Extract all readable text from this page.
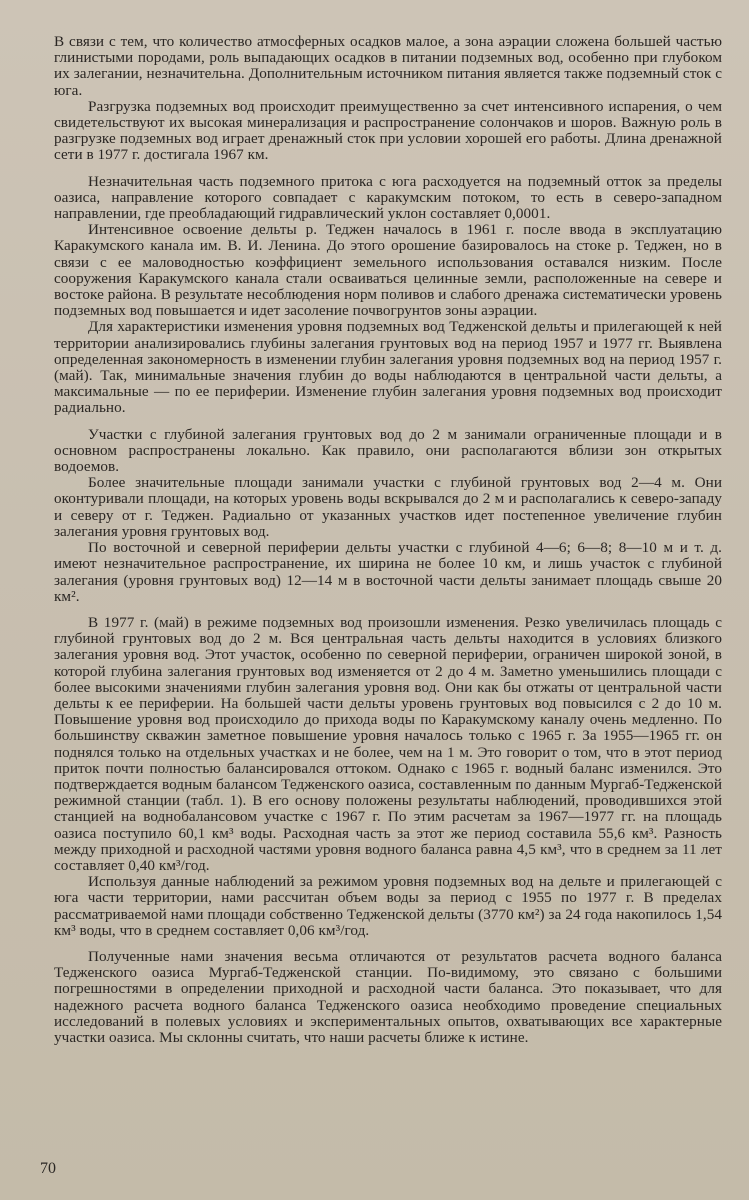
В связи с тем, что количество атмосферных осадков малое, а зона аэрации сложена большей частью глинистыми породами, роль выпадающих осадков в питании подземных вод, особенно при глубоком их залегании, незначительна. Дополнительным источником питания является также подземный сток с юга.

Разгрузка подземных вод происходит преимущественно за счет интенсивного испарения, о чем свидетельствуют их высокая минерализация и распространение солончаков и шоров. Важную роль в разгрузке подземных вод играет дренажный сток при условии хорошей его работы. Длина дренажной сети в 1977 г. достигала 1967 км.

Незначительная часть подземного притока с юга расходуется на подземный отток за пределы оазиса, направление которого совпадает с каракумским потоком, то есть в северо-западном направлении, где преобладающий гидравлический уклон составляет 0,0001.

Интенсивное освоение дельты р. Теджен началось в 1961 г. после ввода в эксплуатацию Каракумского канала им. В. И. Ленина. До этого орошение базировалось на стоке р. Теджен, но в связи с ее маловодностью коэффициент земельного использования оставался низким. После сооружения Каракумского канала стали осваиваться целинные земли, расположенные на севере и востоке района. В результате несоблюдения норм поливов и слабого дренажа систематически уровень подземных вод повышается и идет засоление почвогрунтов зоны аэрации.

Для характеристики изменения уровня подземных вод Тедженской дельты и прилегающей к ней территории анализировались глубины залегания грунтовых вод на период 1957 и 1977 гг. Выявлена определенная закономерность в изменении глубин залегания уровня подземных вод на период 1957 г. (май). Так, минимальные значения глубин до воды наблюдаются в центральной части дельты, а максимальные — по ее периферии. Изменение глубин залегания уровня подземных вод происходит радиально.

Участки с глубиной залегания грунтовых вод до 2 м занимали ограниченные площади и в основном распространены локально. Как правило, они располагаются вблизи зон открытых водоемов.

Более значительные площади занимали участки с глубиной грунтовых вод 2—4 м. Они оконтуривали площади, на которых уровень воды вскрывался до 2 м и располагались к северо-западу и северу от г. Теджен. Радиально от указанных участков идет постепенное увеличение глубин залегания уровня грунтовых вод.

По восточной и северной периферии дельты участки с глубиной 4—6; 6—8; 8—10 м и т. д. имеют незначительное распространение, их ширина не более 10 км, и лишь участок с глубиной залегания (уровня грунтовых вод) 12—14 м в восточной части дельты занимает площадь свыше 20 км².

В 1977 г. (май) в режиме подземных вод произошли изменения. Резко увеличилась площадь с глубиной грунтовых вод до 2 м. Вся центральная часть дельты находится в условиях близкого залегания уровня вод. Этот участок, особенно по северной периферии, ограничен широкой зоной, в которой глубина залегания грунтовых вод изменяется от 2 до 4 м. Заметно уменьшились площади с более высокими значениями глубин залегания уровня вод. Они как бы отжаты от центральной части дельты к ее периферии. На большей части дельты уровень грунтовых вод повысился с 2 до 10 м. Повышение уровня вод происходило до прихода воды по Каракумскому каналу очень медленно. По большинству скважин заметное повышение уровня началось только с 1965 г. За 1955—1965 гг. он поднялся только на отдельных участках и не более, чем на 1 м. Это говорит о том, что в этот период приток почти полностью балансировался оттоком. Однако с 1965 г. водный баланс изменился. Это подтверждается водным балансом Тедженского оазиса, составленным по данным Мургаб-Тедженской режимной станции (табл. 1). В его основу положены результаты наблюдений, проводившихся этой станцией на воднобалансовом участке с 1967 г. По этим расчетам за 1967—1977 гг. на площадь оазиса поступило 60,1 км³ воды. Расходная часть за этот же период составила 55,6 км³. Разность между приходной и расходной частями уровня водного баланса равна 4,5 км³, что в среднем за 11 лет составляет 0,40 км³/год.

Используя данные наблюдений за режимом уровня подземных вод на дельте и прилегающей с юга части территории, нами рассчитан объем воды за период с 1955 по 1977 г. В пределах рассматриваемой нами площади собственно Тедженской дельты (3770 км²) за 24 года накопилось 1,54 км³ воды, что в среднем составляет 0,06 км³/год.

Полученные нами значения весьма отличаются от результатов расчета водного баланса Тедженского оазиса Мургаб-Тедженской станции. По-видимому, это связано с большими погрешностями в определении приходной и расходной части баланса. Это показывает, что для надежного расчета водного баланса Тедженского оазиса необходимо проведение специальных исследований в полевых условиях и экспериментальных опытов, охватывающих все характерные участки оазиса. Мы склонны считать, что наши расчеты ближе к истине.

70
